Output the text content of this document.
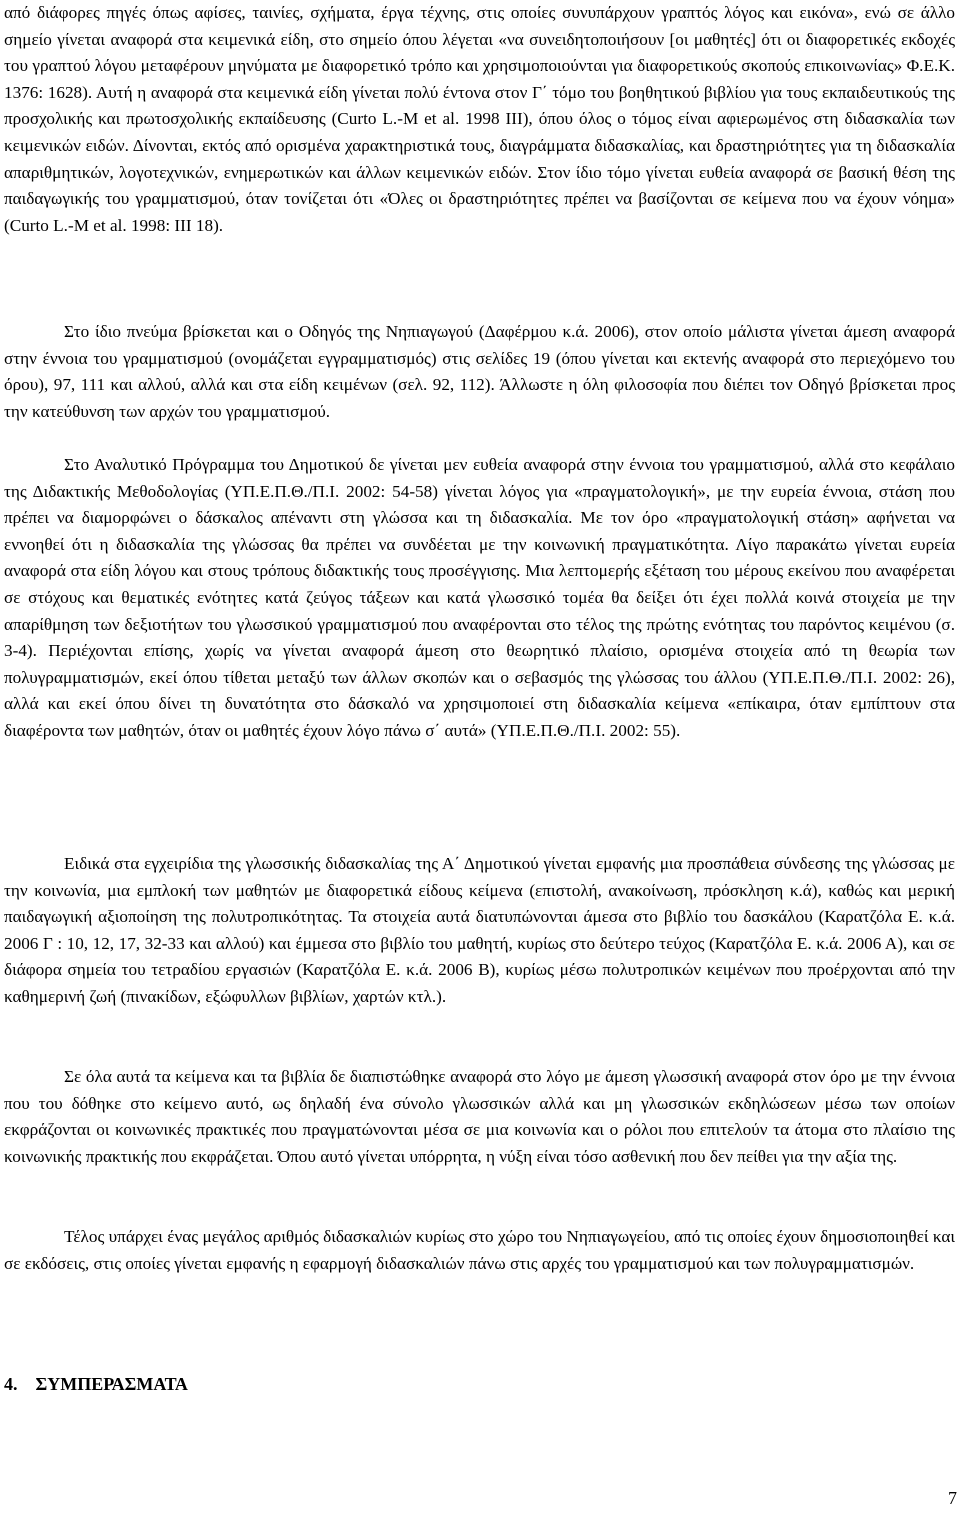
από διάφορες πηγές όπως αφίσες, ταινίες, σχήματα, έργα τέχνης, στις οποίες συνυπάρχουν γραπτός λόγος και εικόνα», ενώ σε άλλο σημείο γίνεται αναφορά στα κειμενικά είδη, στο σημείο όπου λέγεται «να συνειδητοποιήσουν [οι μαθητές] ότι οι διαφορετικές εκδοχές του γραπτού λόγου μεταφέρουν μηνύματα με διαφορετικό τρόπο και χρησιμοποιούνται για διαφορετικούς σκοπούς επικοινωνίας» Φ.Ε.Κ. 1376: 1628). Αυτή η αναφορά στα κειμενικά είδη γίνεται πολύ έντονα στον Γ΄ τόμο του βοηθητικού βιβλίου για τους εκπαιδευτικούς της προσχολικής και πρωτοσχολικής εκπαίδευσης (Curto L.-M et al. 1998 III), όπου όλος ο τόμος είναι αφιερωμένος στη διδασκαλία των κειμενικών ειδών. Δίνονται, εκτός από ορισμένα χαρακτηριστικά τους, διαγράμματα διδασκαλίας, και δραστηριότητες για τη διδασκαλία απαριθμητικών, λογοτεχνικών, ενημερωτικών και άλλων κειμενικών ειδών. Στον ίδιο τόμο γίνεται ευθεία αναφορά σε βασική θέση της παιδαγωγικής του γραμματισμού, όταν τονίζεται ότι «Όλες οι δραστηριότητες πρέπει να βασίζονται σε κείμενα που να έχουν νόημα» (Curto L.-M et al. 1998: III 18).

Στο ίδιο πνεύμα βρίσκεται και ο Οδηγός της Νηπιαγωγού (Δαφέρμου κ.ά. 2006), στον οποίο μάλιστα γίνεται άμεση αναφορά στην έννοια του γραμματισμού (ονομάζεται εγγραμματισμός) στις σελίδες 19 (όπου γίνεται και εκτενής αναφορά στο περιεχόμενο του όρου), 97, 111 και αλλού, αλλά και στα είδη κειμένων (σελ. 92, 112). Άλλωστε η όλη φιλοσοφία που διέπει τον Οδηγό βρίσκεται προς την κατεύθυνση των αρχών του γραμματισμού.

Στο Αναλυτικό Πρόγραμμα του Δημοτικού δε γίνεται μεν ευθεία αναφορά στην έννοια του γραμματισμού, αλλά στο κεφάλαιο της Διδακτικής Μεθοδολογίας (ΥΠ.Ε.Π.Θ./Π.Ι. 2002: 54-58) γίνεται λόγος για «πραγματολογική», με την ευρεία έννοια, στάση που πρέπει να διαμορφώνει ο δάσκαλος απέναντι στη γλώσσα και τη διδασκαλία. Με τον όρο «πραγματολογική στάση» αφήνεται να εννοηθεί ότι η διδασκαλία της γλώσσας θα πρέπει να συνδέεται με την κοινωνική πραγματικότητα. Λίγο παρακάτω γίνεται ευρεία αναφορά στα είδη λόγου και στους τρόπους διδακτικής τους προσέγγισης. Μια λεπτομερής εξέταση του μέρους εκείνου που αναφέρεται σε στόχους και θεματικές ενότητες κατά ζεύγος τάξεων και κατά γλωσσικό τομέα θα δείξει ότι έχει πολλά κοινά στοιχεία με την απαρίθμηση των δεξιοτήτων του γλωσσικού γραμματισμού που αναφέρονται στο τέλος της πρώτης ενότητας του παρόντος κειμένου (σ. 3-4). Περιέχονται επίσης, χωρίς να γίνεται αναφορά άμεση στο θεωρητικό πλαίσιο, ορισμένα στοιχεία από τη θεωρία των πολυγραμματισμών, εκεί όπου τίθεται μεταξύ των άλλων σκοπών και ο σεβασμός της γλώσσας του άλλου (ΥΠ.Ε.Π.Θ./Π.Ι. 2002: 26), αλλά και εκεί όπου δίνει τη δυνατότητα στο δάσκαλό να χρησιμοποιεί στη διδασκαλία κείμενα «επίκαιρα, όταν εμπίπτουν στα διαφέροντα των μαθητών, όταν οι μαθητές έχουν λόγο πάνω σ΄ αυτά» (ΥΠ.Ε.Π.Θ./Π.Ι. 2002: 55).

Ειδικά στα εγχειρίδια της γλωσσικής διδασκαλίας της Α΄ Δημοτικού γίνεται εμφανής μια προσπάθεια σύνδεσης της γλώσσας με την κοινωνία, μια εμπλοκή των μαθητών με διαφορετικά είδους κείμενα (επιστολή, ανακοίνωση, πρόσκληση κ.ά), καθώς και μερική παιδαγωγική αξιοποίηση της πολυτροπικότητας. Τα στοιχεία αυτά διατυπώνονται άμεσα στο βιβλίο του δασκάλου (Καρατζόλα Ε. κ.ά. 2006 Γ : 10, 12, 17, 32-33 και αλλού) και έμμεσα στο βιβλίο του μαθητή, κυρίως στο δεύτερο τεύχος (Καρατζόλα Ε. κ.ά. 2006 Α), και σε διάφορα σημεία του τετραδίου εργασιών (Καρατζόλα Ε. κ.ά. 2006 Β), κυρίως μέσω πολυτροπικών κειμένων που προέρχονται από την καθημερινή ζωή (πινακίδων, εξώφυλλων βιβλίων, χαρτών κτλ.).

Σε όλα αυτά τα κείμενα και τα βιβλία δε διαπιστώθηκε αναφορά στο λόγο με άμεση γλωσσική αναφορά στον όρο με την έννοια που του δόθηκε στο κείμενο αυτό, ως δηλαδή ένα σύνολο γλωσσικών αλλά και μη γλωσσικών εκδηλώσεων μέσω των οποίων εκφράζονται οι κοινωνικές πρακτικές που πραγματώνονται μέσα σε μια κοινωνία και ο ρόλοι που επιτελούν τα άτομα στο πλαίσιο της κοινωνικής πρακτικής που εκφράζεται. Όπου αυτό γίνεται υπόρρητα, η νύξη είναι τόσο ασθενική που δεν πείθει για την αξία της.

Τέλος υπάρχει ένας μεγάλος αριθμός διδασκαλιών κυρίως στο χώρο του Νηπιαγωγείου, από τις οποίες έχουν δημοσιοποιηθεί και σε εκδόσεις, στις οποίες γίνεται εμφανής η εφαρμογή διδασκαλιών πάνω στις αρχές του γραμματισμού και των πολυγραμματισμών.

4.    ΣΥΜΠΕΡΑΣΜΑΤΑ

7
